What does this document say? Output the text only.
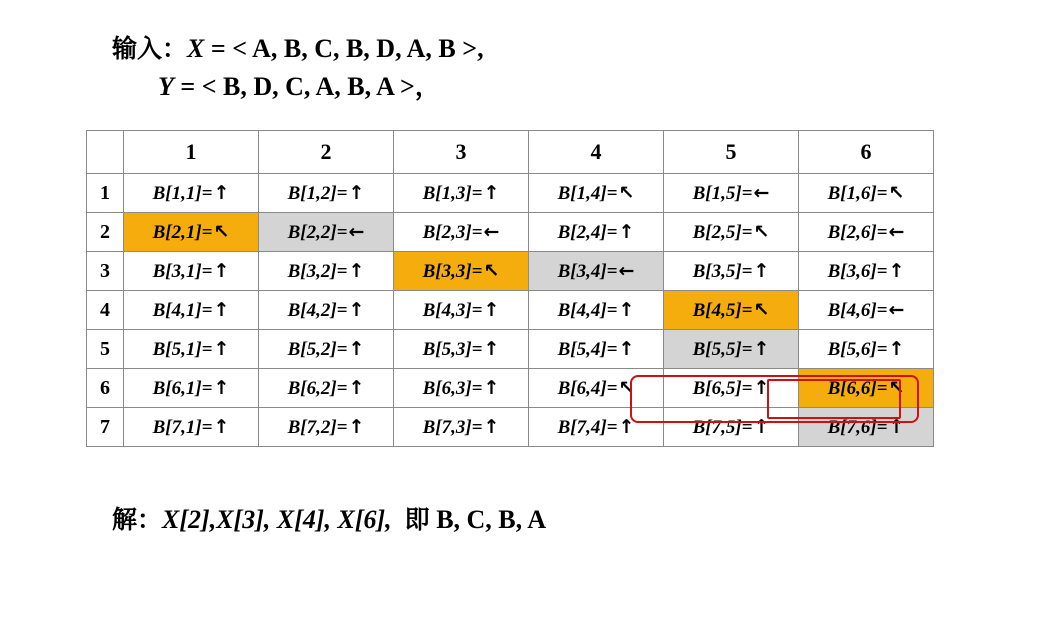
输入：X = < A, B, C, B, D, A, B >,
Y = < B, D, C, A, B, A >，
	1	2	3	4	5	6
1	B[1,1]=↑	B[1,2]=↑	B[1,3]=↑	B[1,4]=↖	B[1,5]=←	B[1,6]=↖
2	B[2,1]=↖	B[2,2]=←	B[2,3]=←	B[2,4]=↑	B[2,5]=↖	B[2,6]=←
3	B[3,1]=↑	B[3,2]=↑	B[3,3]=↖	B[3,4]=←	B[3,5]=↑	B[3,6]=↑
4	B[4,1]=↑	B[4,2]=↑	B[4,3]=↑	B[4,4]=↑	B[4,5]=↖	B[4,6]=←
5	B[5,1]=↑	B[5,2]=↑	B[5,3]=↑	B[5,4]=↑	B[5,5]=↑	B[5,6]=↑
6	B[6,1]=↑	B[6,2]=↑	B[6,3]=↑	B[6,4]=↖	B[6,5]=↑	B[6,6]=↖
7	B[7,1]=↑	B[7,2]=↑	B[7,3]=↑	B[7,4]=↑	B[7,5]=↑	B[7,6]=↑
解：X[2],X[3], X[4], X[6], 即 B, C, B, A
